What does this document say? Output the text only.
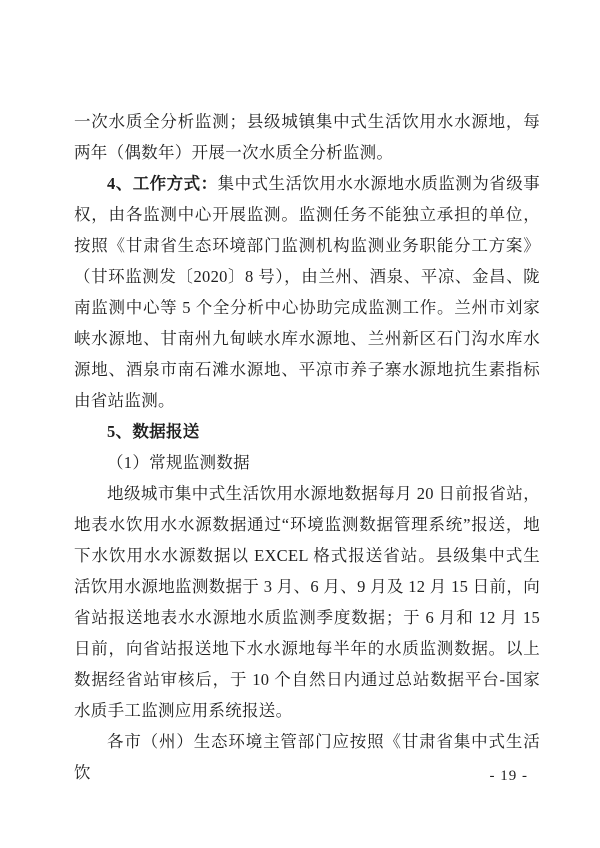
一次水质全分析监测；县级城镇集中式生活饮用水水源地，每两年（偶数年）开展一次水质全分析监测。

4、工作方式：集中式生活饮用水水源地水质监测为省级事权，由各监测中心开展监测。监测任务不能独立承担的单位，按照《甘肃省生态环境部门监测机构监测业务职能分工方案》（甘环监测发〔2020〕8 号），由兰州、酒泉、平凉、金昌、陇南监测中心等 5 个全分析中心协助完成监测工作。兰州市刘家峡水源地、甘南州九甸峡水库水源地、兰州新区石门沟水库水源地、酒泉市南石滩水源地、平凉市养子寨水源地抗生素指标由省站监测。

5、数据报送

（1）常规监测数据

地级城市集中式生活饮用水源地数据每月 20 日前报省站，地表水饮用水水源数据通过“环境监测数据管理系统”报送，地下水饮用水水源数据以 EXCEL 格式报送省站。县级集中式生活饮用水源地监测数据于 3 月、6 月、9 月及 12 月 15 日前，向省站报送地表水水源地水质监测季度数据；于 6 月和 12 月 15 日前，向省站报送地下水水源地每半年的水质监测数据。以上数据经省站审核后，于 10 个自然日内通过总站数据平台-国家水质手工监测应用系统报送。

各市（州）生态环境主管部门应按照《甘肃省集中式生活饮	- 19 -
